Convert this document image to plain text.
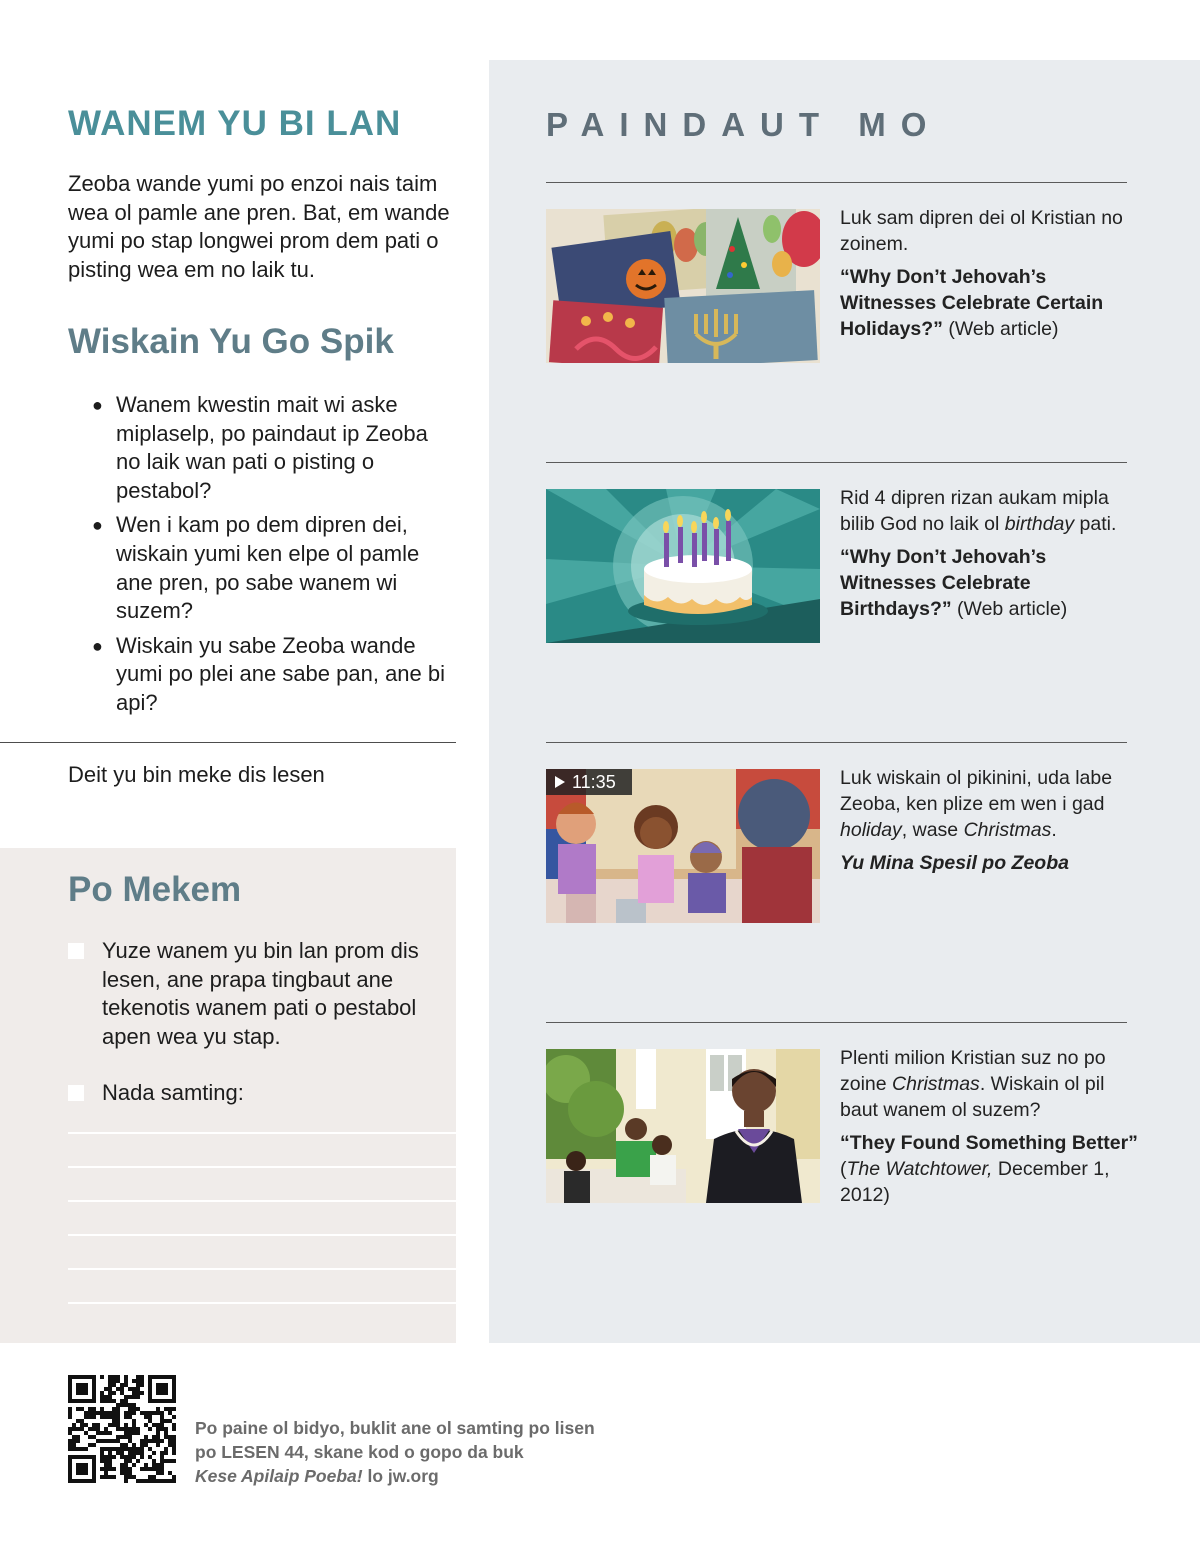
WANEM YU BI LAN

Zeoba wande yumi po enzoi nais taim wea ol pamle ane pren. Bat, em wande yumi po stap longwei prom dem pati o pisting wea em no laik tu.

Wiskain Yu Go Spik
● Wanem kwestin mait wi aske miplaselp, po paindaut ip Zeoba no laik wan pati o pisting o pestabol?
● Wen i kam po dem dipren dei, wiskain yumi ken elpe ol pamle ane pren, po sabe wanem wi suzem?
● Wiskain yu sabe Zeoba wande yumi po plei ane sabe pan, ane bi api?
Deit yu bin meke dis lesen
Po Mekem
Yuze wanem yu bin lan prom dis lesen, ane prapa tingbaut ane tekenotis wanem pati o pestabol apen wea yu stap.
Nada samting:
PAINDAUT MO
Luk sam dipren dei ol Kristian no zoinem.
“Why Don’t Jehovah’s Witnesses Celebrate Certain Holidays?” (Web article)
Rid 4 dipren rizan aukam mipla bilib God no laik ol birthday pati.
“Why Don’t Jehovah’s Witnesses Celebrate Birthdays?” (Web article)
11:35	Luk wiskain ol pikinini, uda labe Zeoba, ken plize em wen i gad holiday, wase Christmas.
Yu Mina Spesil po Zeoba
Plenti milion Kristian suz no po zoine Christmas. Wiskain ol pil baut wanem ol suzem?
“They Found Something Better” (The Watchtower, December 1, 2012)
Po paine ol bidyo, buklit ane ol samting po lisen
po LESEN 44, skane kod o gopo da buk
Kese Apilaip Poeba! lo jw.org
